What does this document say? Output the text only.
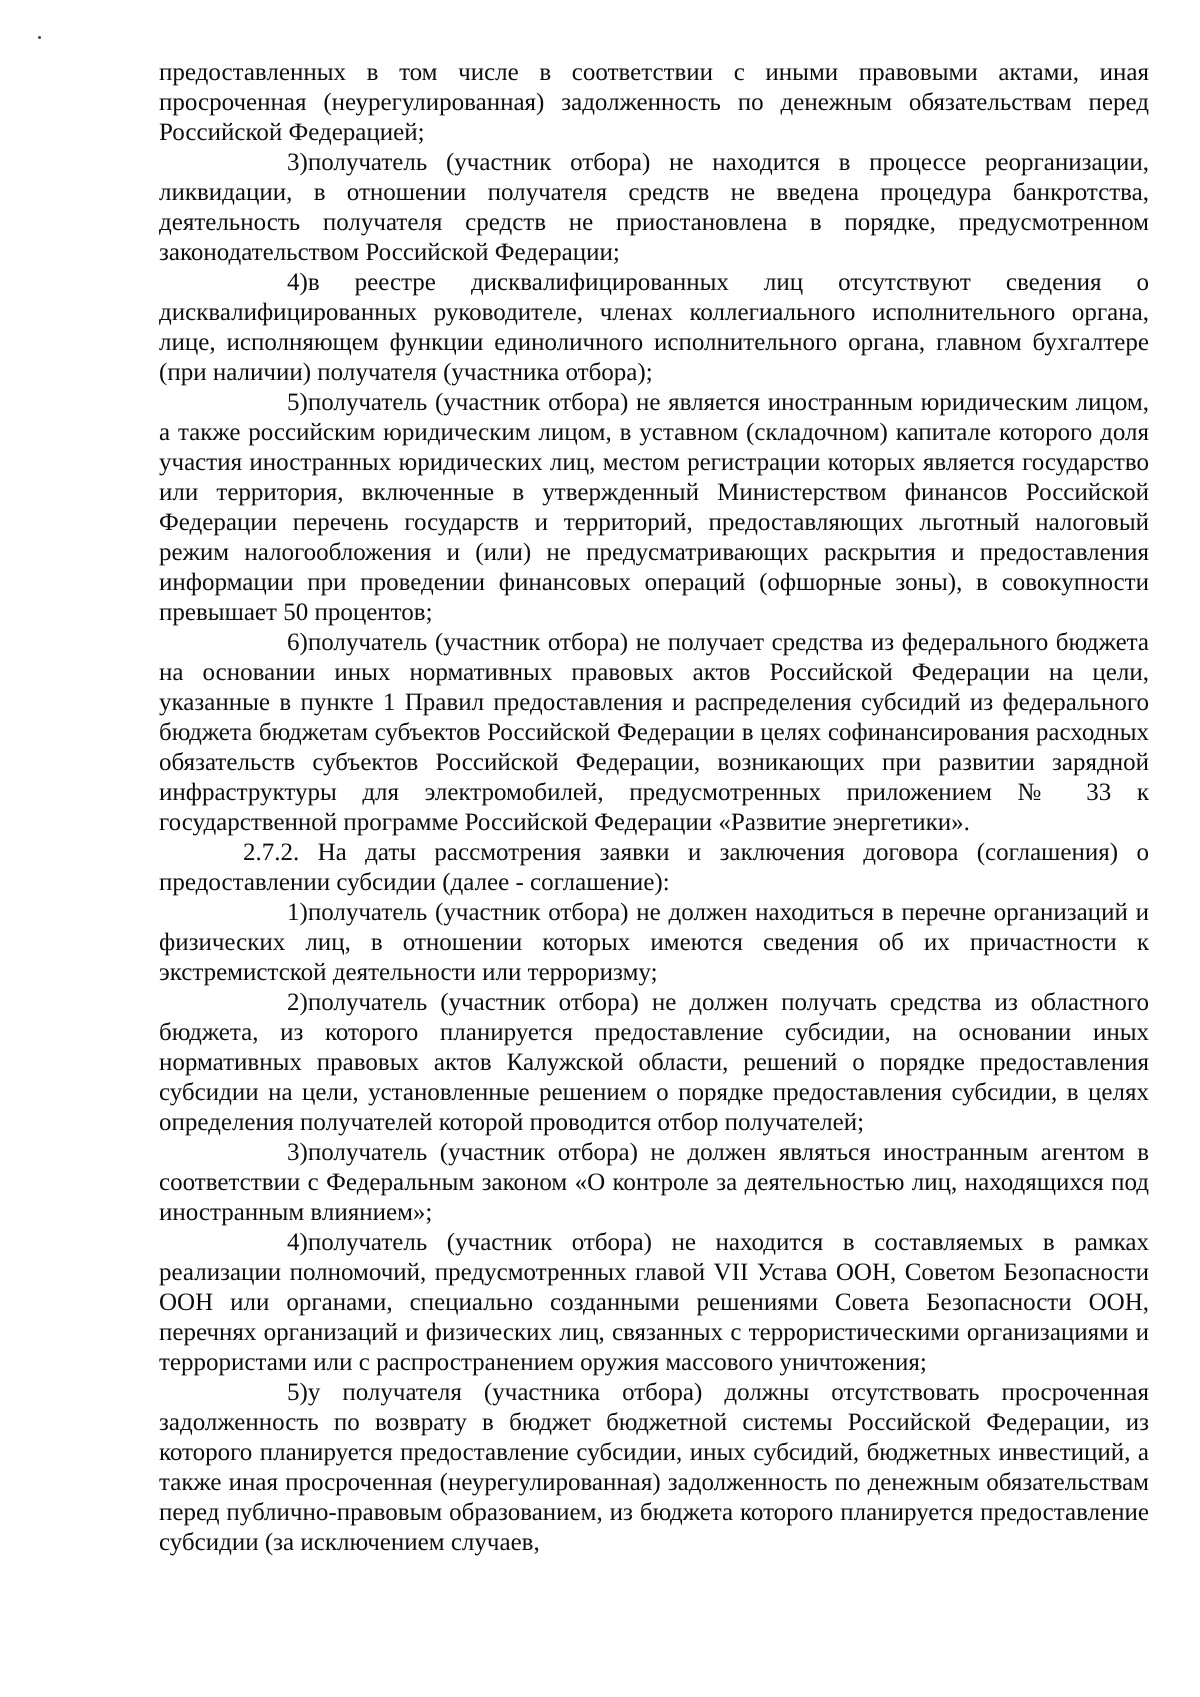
предоставленных в том числе в соответствии с иными правовыми актами, иная просроченная (неурегулированная) задолженность по денежным обязательствам перед Российской Федерацией;

3)получатель (участник отбора) не находится в процессе реорганизации, ликвидации, в отношении получателя средств не введена процедура банкротства, деятельность получателя средств не приостановлена в порядке, предусмотренном законодательством Российской Федерации;

4)в реестре дисквалифицированных лиц отсутствуют сведения о дисквалифицированных руководителе, членах коллегиального исполнительного органа, лице, исполняющем функции единоличного исполнительного органа, главном бухгалтере (при наличии) получателя (участника отбора);

5)получатель (участник отбора) не является иностранным юридическим лицом, а также российским юридическим лицом, в уставном (складочном) капитале которого доля участия иностранных юридических лиц, местом регистрации которых является государство или территория, включенные в утвержденный Министерством финансов Российской Федерации перечень государств и территорий, предоставляющих льготный налоговый режим налогообложения и (или) не предусматривающих раскрытия и предоставления информации при проведении финансовых операций (офшорные зоны), в совокупности превышает 50 процентов;

6)получатель (участник отбора) не получает средства из федерального бюджета на основании иных нормативных правовых актов Российской Федерации на цели, указанные в пункте 1 Правил предоставления и распределения субсидий из федерального бюджета бюджетам субъектов Российской Федерации в целях софинансирования расходных обязательств субъектов Российской Федерации, возникающих при развитии зарядной инфраструктуры для электромобилей, предусмотренных приложением № 33 к государственной программе Российской Федерации «Развитие энергетики».

2.7.2. На даты рассмотрения заявки и заключения договора (соглашения) о предоставлении субсидии (далее - соглашение):

1)получатель (участник отбора) не должен находиться в перечне организаций и физических лиц, в отношении которых имеются сведения об их причастности к экстремистской деятельности или терроризму;

2)получатель (участник отбора) не должен получать средства из областного бюджета, из которого планируется предоставление субсидии, на основании иных нормативных правовых актов Калужской области, решений о порядке предоставления субсидии на цели, установленные решением о порядке предоставления субсидии, в целях определения получателей которой проводится отбор получателей;

3)получатель (участник отбора) не должен являться иностранным агентом в соответствии с Федеральным законом «О контроле за деятельностью лиц, находящихся под иностранным влиянием»;

4)получатель (участник отбора) не находится в составляемых в рамках реализации полномочий, предусмотренных главой VII Устава ООН, Советом Безопасности ООН или органами, специально созданными решениями Совета Безопасности ООН, перечнях организаций и физических лиц, связанных с террористическими организациями и террористами или с распространением оружия массового уничтожения;

5)у получателя (участника отбора) должны отсутствовать просроченная задолженность по возврату в бюджет бюджетной системы Российской Федерации, из которого планируется предоставление субсидии, иных субсидий, бюджетных инвестиций, а также иная просроченная (неурегулированная) задолженность по денежным обязательствам перед публично-правовым образованием, из бюджета которого планируется предоставление субсидии (за исключением случаев,
